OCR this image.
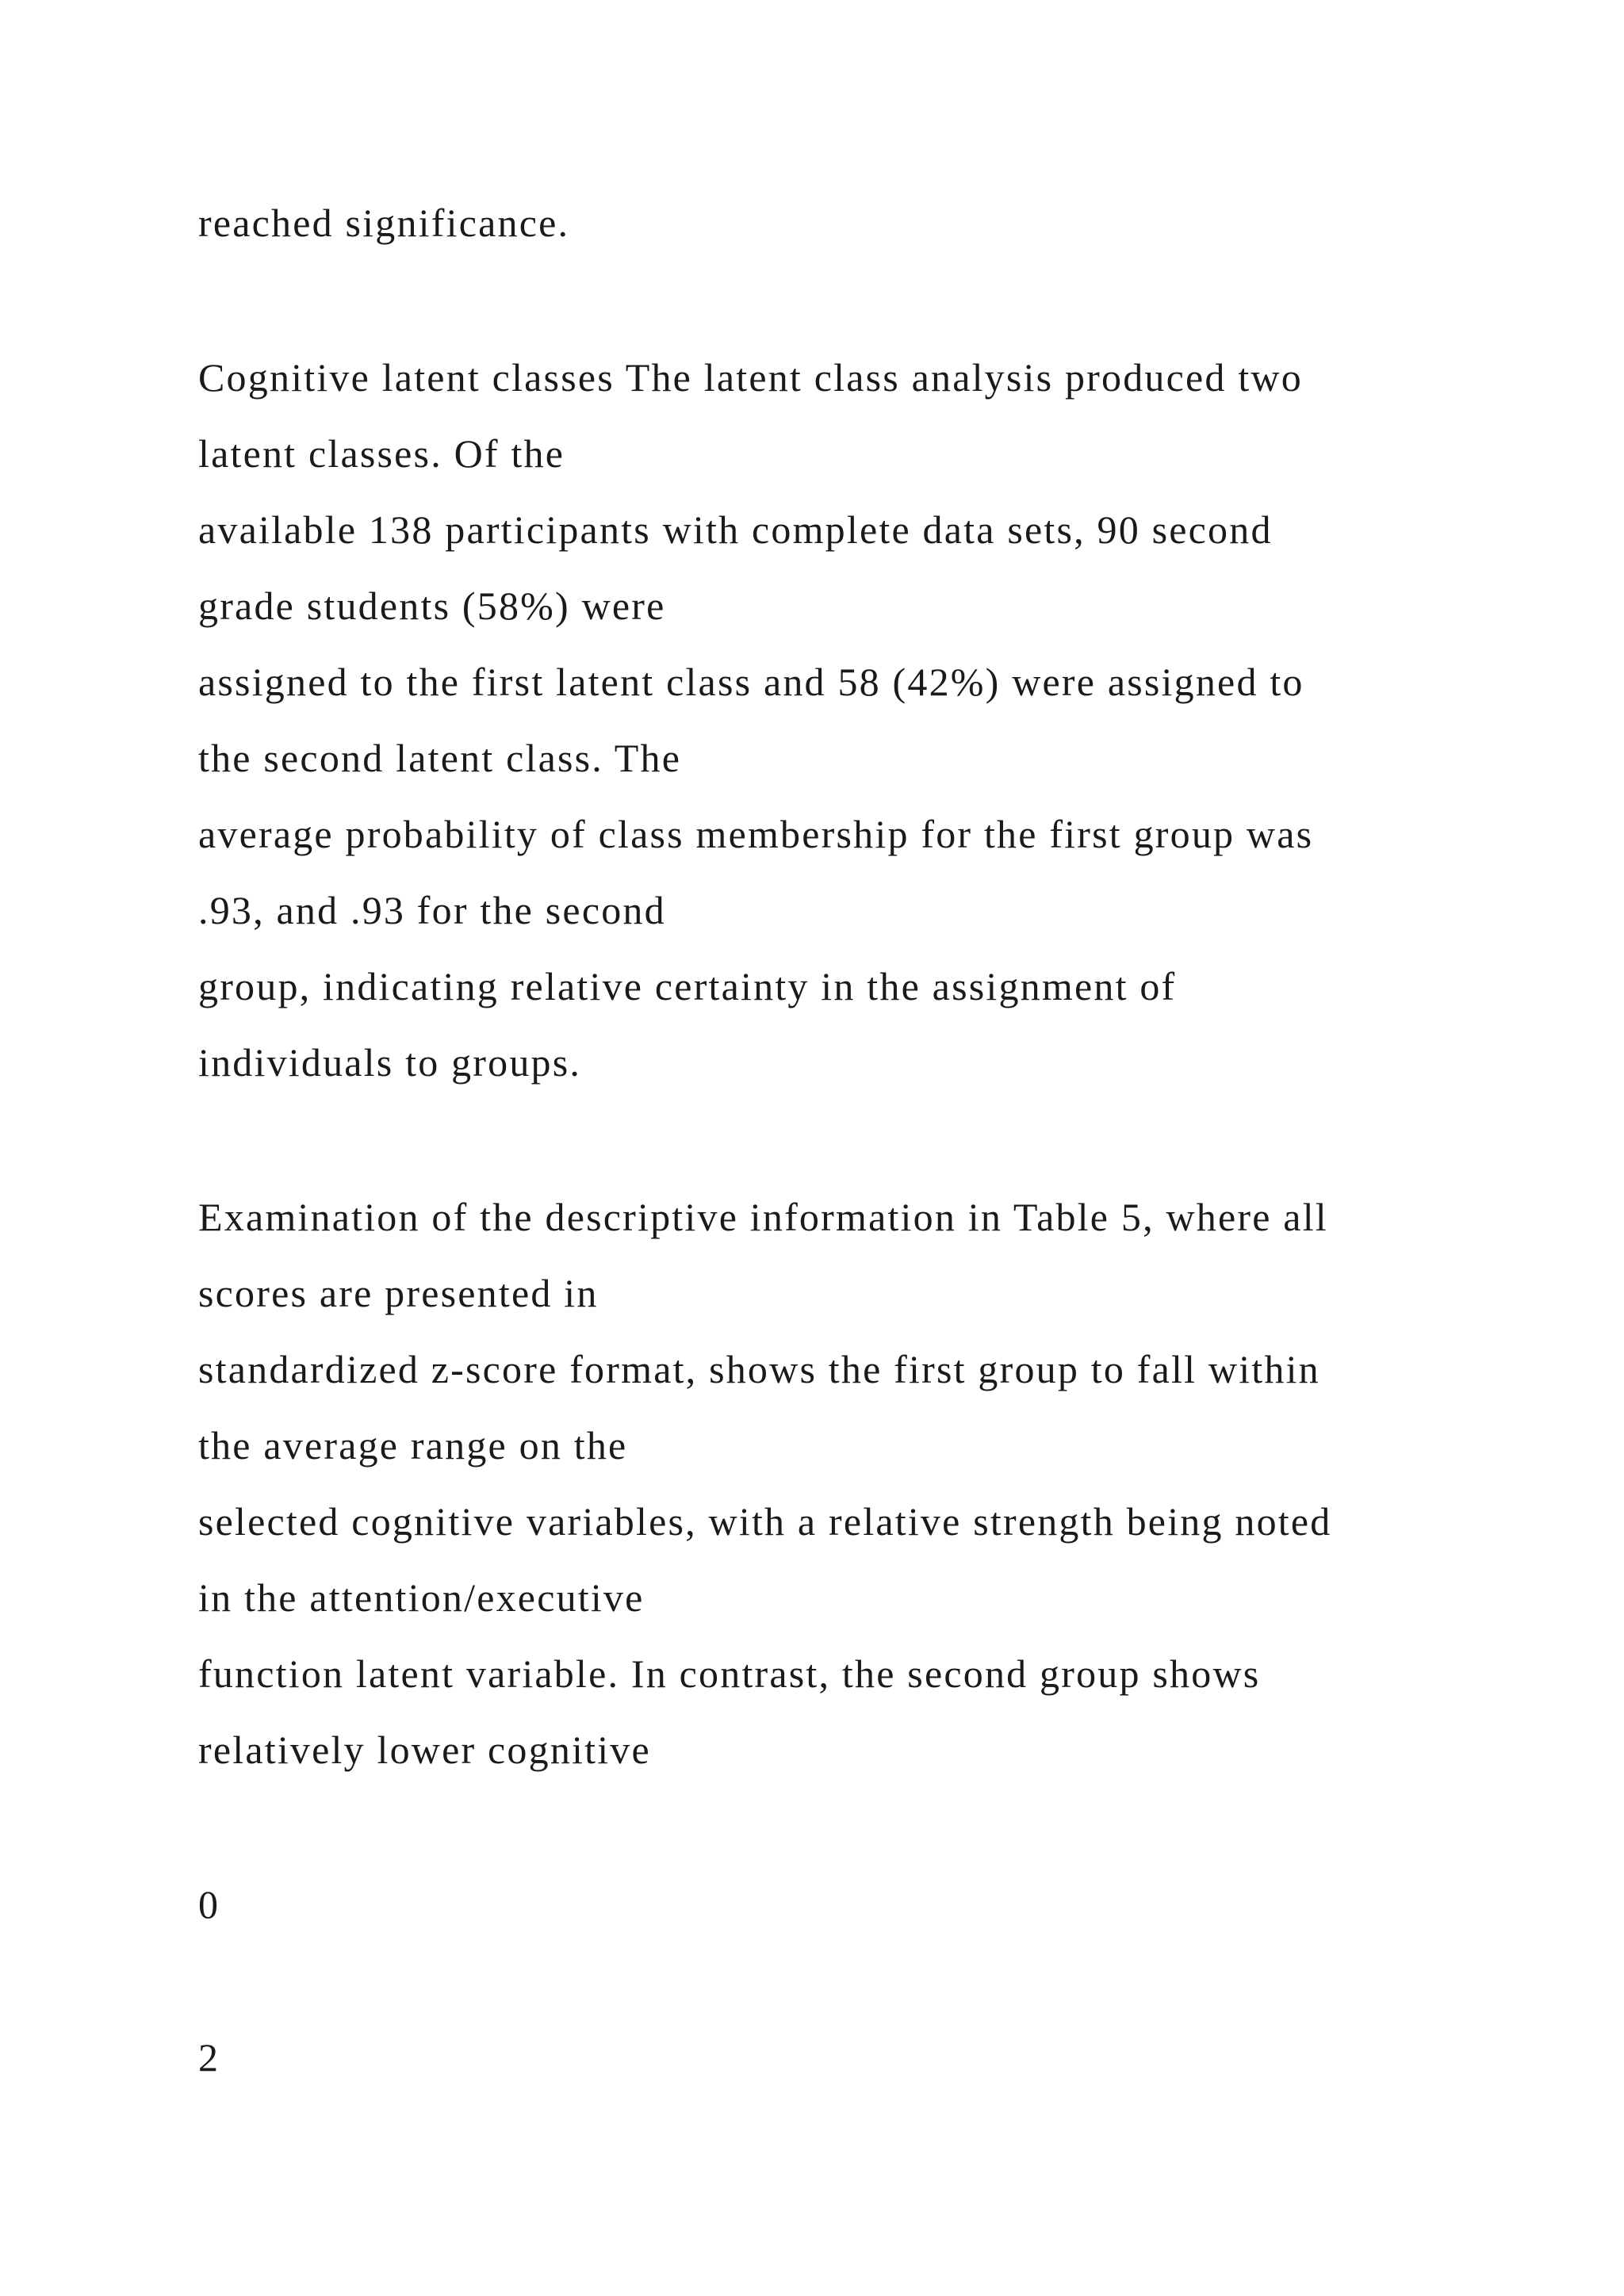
reached significance.

Cognitive latent classes The latent class analysis produced two

latent classes. Of the

available 138 participants with complete data sets, 90 second

grade students (58%) were

assigned to the first latent class and 58 (42%) were assigned to

the second latent class. The

average probability of class membership for the first group was

.93, and .93 for the second

group, indicating relative certainty in the assignment of

individuals to groups.

Examination of the descriptive information in Table 5, where all

scores are presented in

standardized z-score format, shows the first group to fall within

the average range on the

selected cognitive variables, with a relative strength being noted

in the attention/executive

function latent variable. In contrast, the second group shows

relatively lower cognitive

0

2
